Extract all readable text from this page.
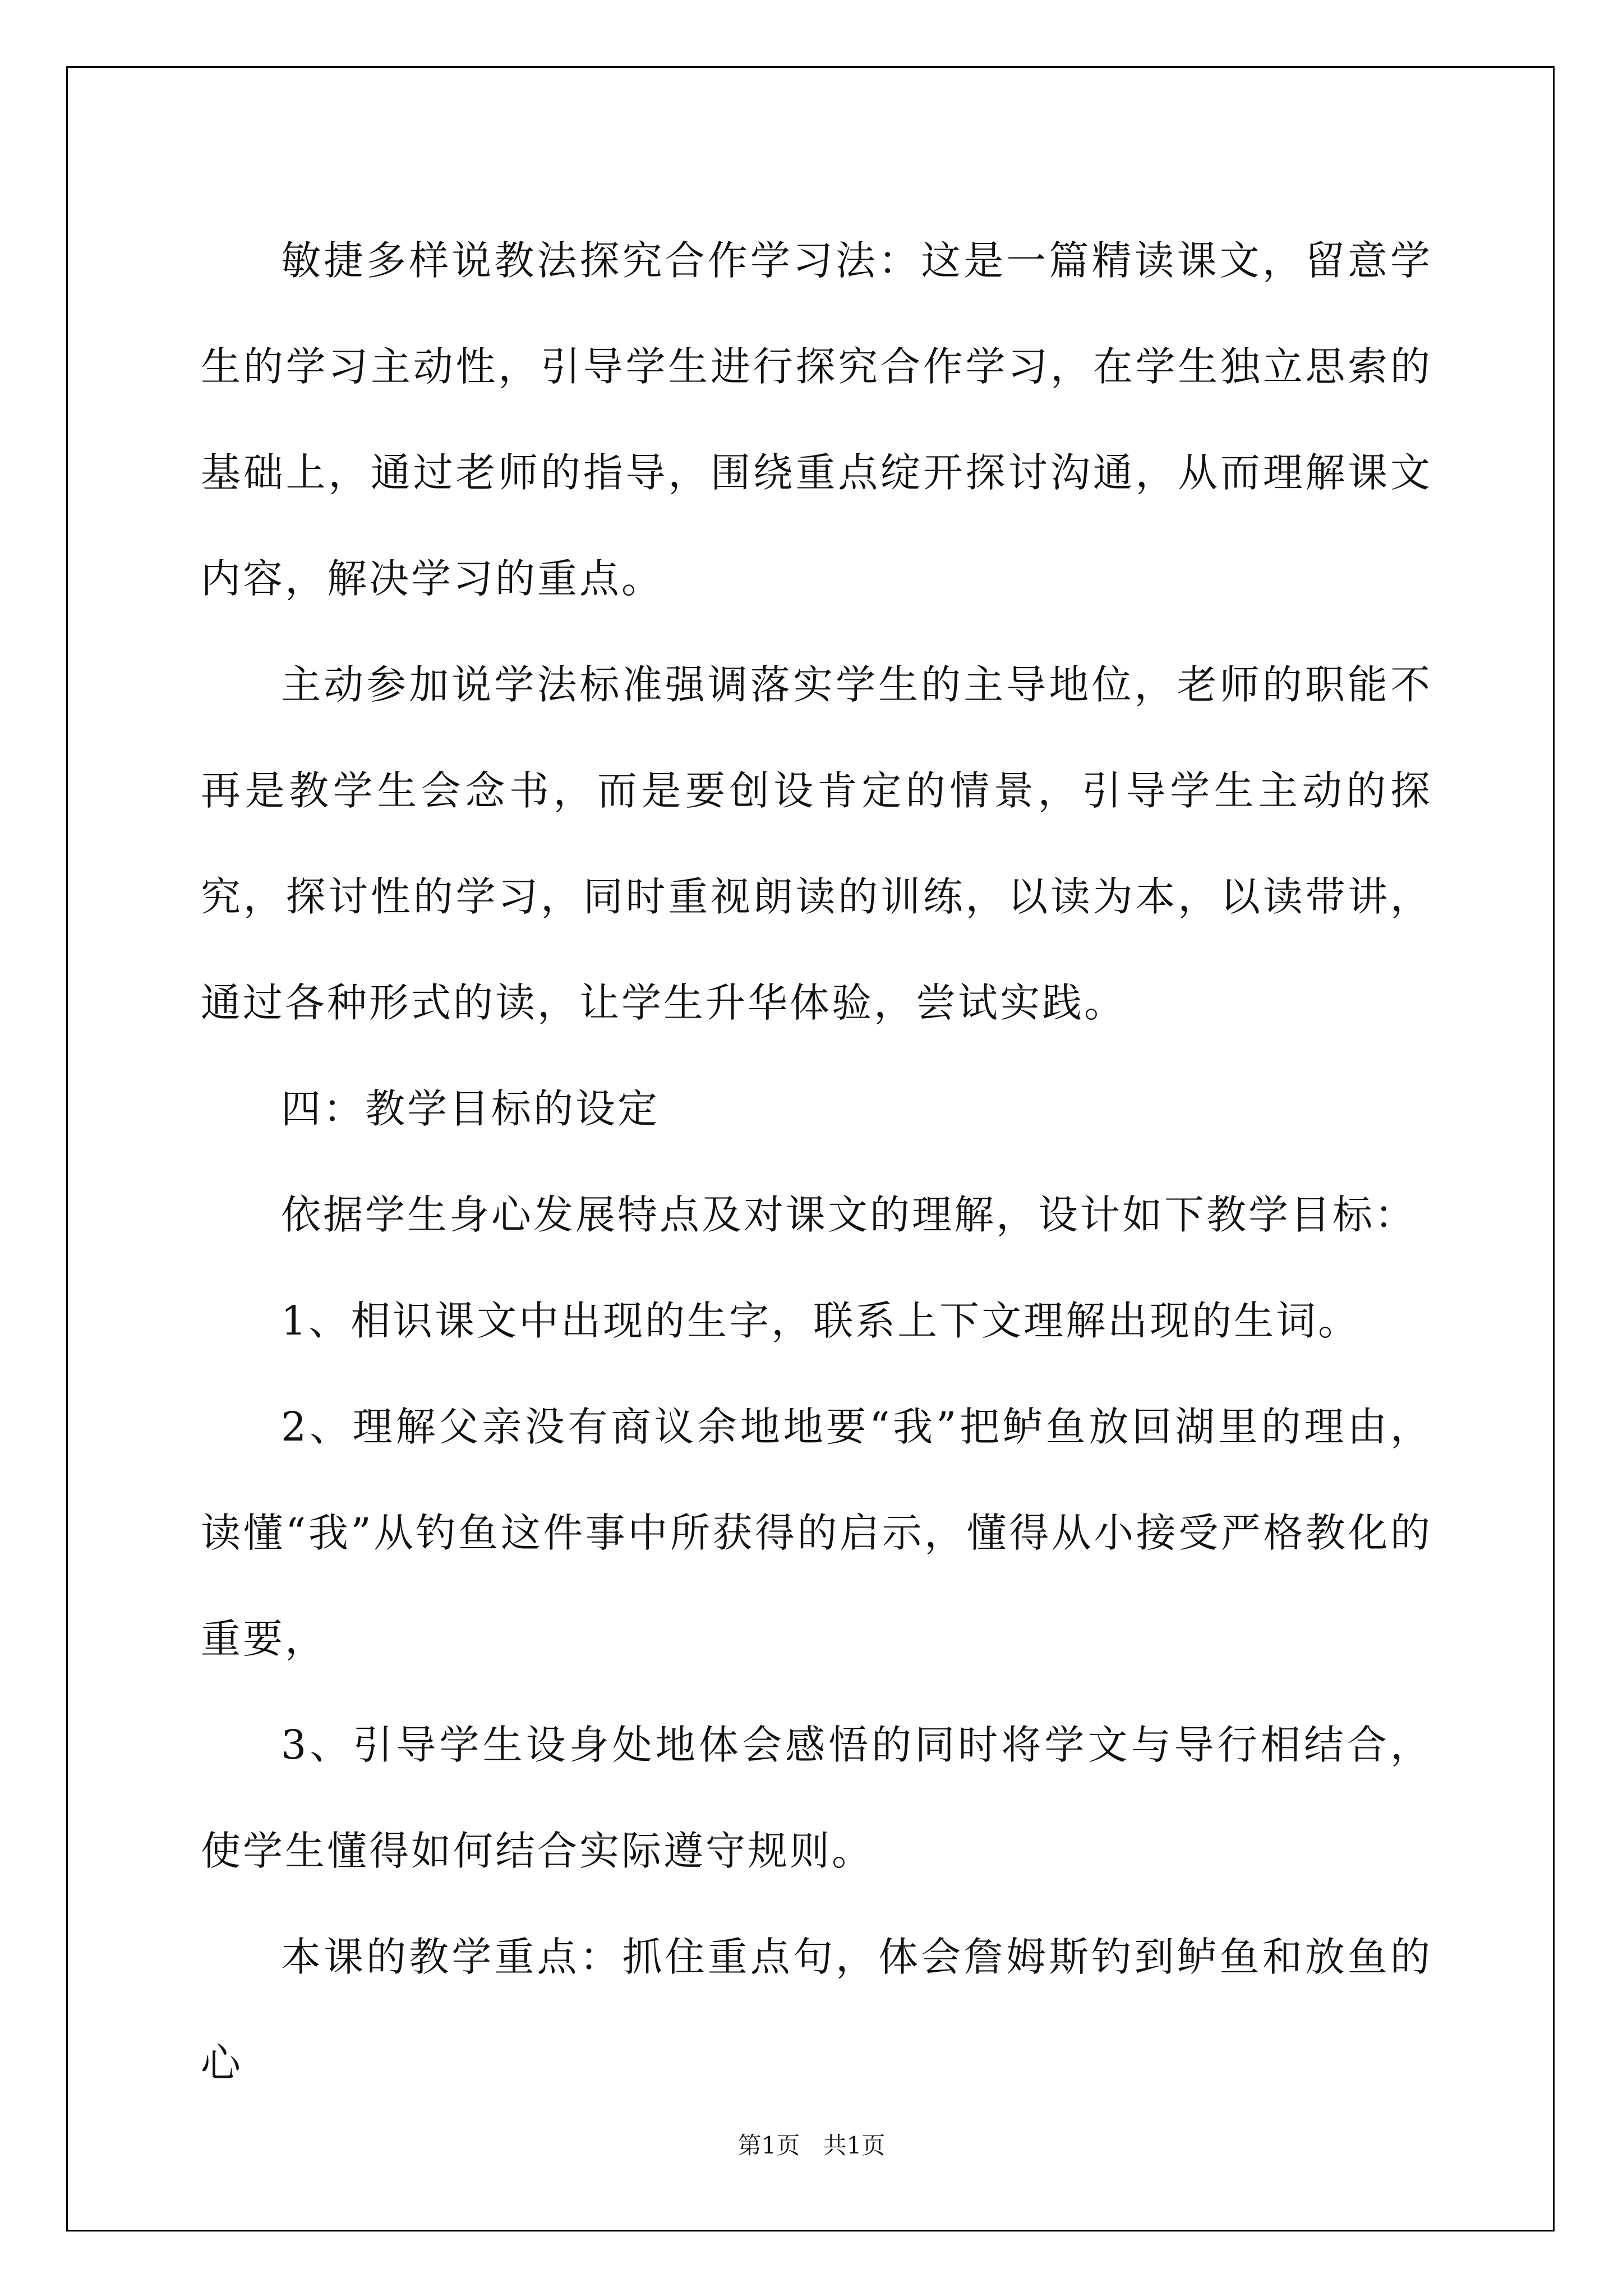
敏捷多样说教法探究合作学习法：这是一篇精读课文，留意学生的学习主动性，引导学生进行探究合作学习，在学生独立思索的基础上，通过老师的指导，围绕重点绽开探讨沟通，从而理解课文内容，解决学习的重点。

主动参加说学法标准强调落实学生的主导地位，老师的职能不再是教学生会念书，而是要创设肯定的情景，引导学生主动的探究，探讨性的学习，同时重视朗读的训练，以读为本，以读带讲，通过各种形式的读，让学生升华体验，尝试实践。

四：教学目标的设定

依据学生身心发展特点及对课文的理解，设计如下教学目标：

1、相识课文中出现的生字，联系上下文理解出现的生词。

2、理解父亲没有商议余地地要“我”把鲈鱼放回湖里的理由，读懂“我”从钓鱼这件事中所获得的启示，懂得从小接受严格教化的重要，

3、引导学生设身处地体会感悟的同时将学文与导行相结合，使学生懂得如何结合实际遵守规则。

本课的教学重点：抓住重点句，体会詹姆斯钓到鲈鱼和放鱼的心

第1页 共1页
